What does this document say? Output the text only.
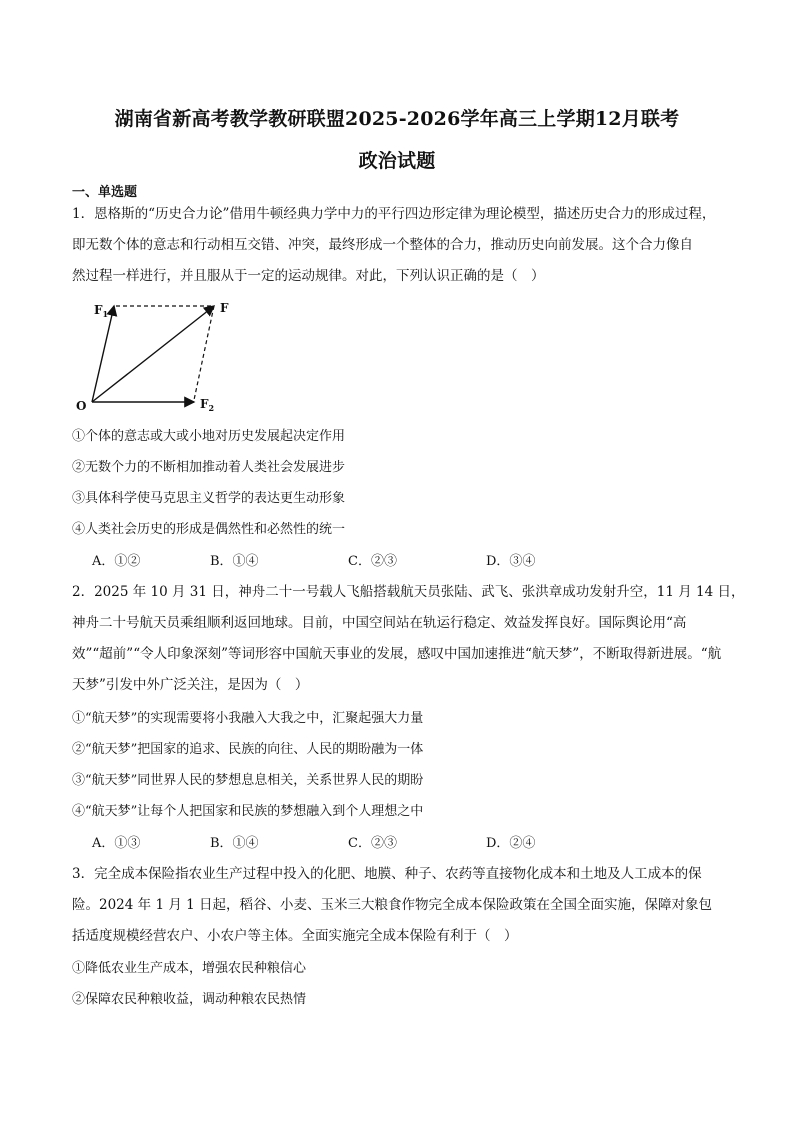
湖南省新高考教学教研联盟2025-2026学年高三上学期12月联考
政治试题
一、单选题
1．恩格斯的“历史合力论”借用牛顿经典力学中力的平行四边形定律为理论模型，描述历史合力的形成过程，
即无数个体的意志和行动相互交错、冲突，最终形成一个整体的合力，推动历史向前发展。这个合力像自
然过程一样进行，并且服从于一定的运动规律。对此，下列认识正确的是（　）
O
F
$F_1$
$F_2$
①个体的意志或大或小地对历史发展起决定作用
②无数个力的不断相加推动着人类社会发展进步
③具体科学使马克思主义哲学的表达更生动形象
④人类社会历史的形成是偶然性和必然性的统一
A．①②	B．①④	C．②③	D．③④
2．2025 年 10 月 31 日，神舟二十一号载人飞船搭载航天员张陆、武飞、张洪章成功发射升空，11 月 14 日，
神舟二十号航天员乘组顺利返回地球。目前，中国空间站在轨运行稳定、效益发挥良好。国际舆论用“高
效”“超前”“令人印象深刻”等词形容中国航天事业的发展，感叹中国加速推进“航天梦”，不断取得新进展。“航
天梦”引发中外广泛关注，是因为（　）
①“航天梦”的实现需要将小我融入大我之中，汇聚起强大力量
②“航天梦”把国家的追求、民族的向往、人民的期盼融为一体
③“航天梦”同世界人民的梦想息息相关，关系世界人民的期盼
④“航天梦”让每个人把国家和民族的梦想融入到个人理想之中
A．①③	B．①④	C．②③	D．②④
3．完全成本保险指农业生产过程中投入的化肥、地膜、种子、农药等直接物化成本和土地及人工成本的保
险。2024 年 1 月 1 日起，稻谷、小麦、玉米三大粮食作物完全成本保险政策在全国全面实施，保障对象包
括适度规模经营农户、小农户等主体。全面实施完全成本保险有利于（　）
①降低农业生产成本，增强农民种粮信心
②保障农民种粮收益，调动种粮农民热情
